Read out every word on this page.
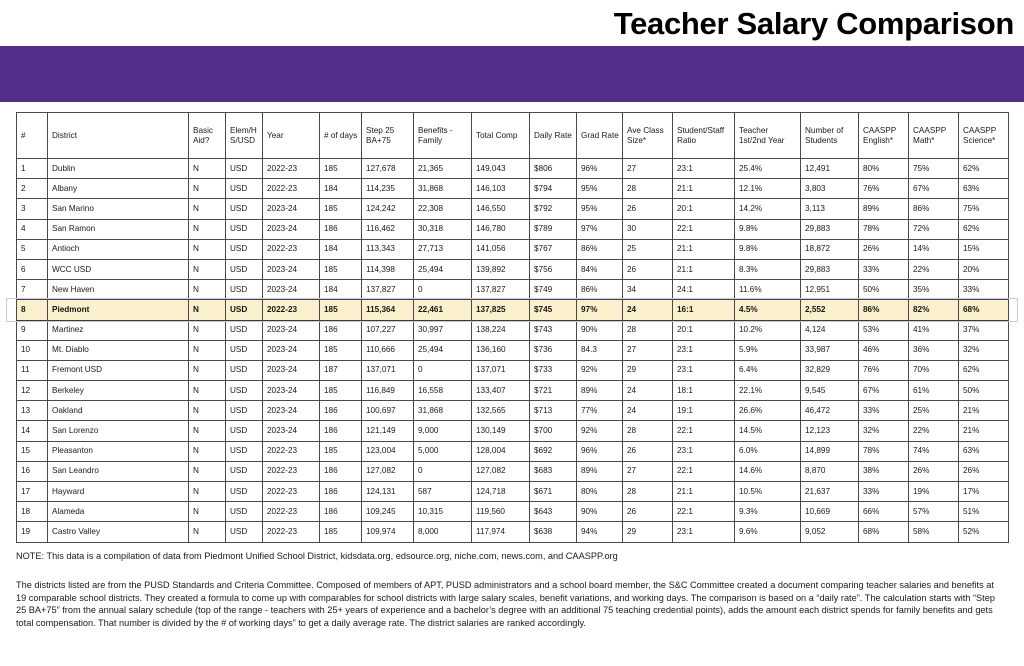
Teacher Salary Comparison
#	District	Basic Aid?	Elem/HS/USD	Year	# of days	Step 25 BA+75	Benefits - Family	Total Comp	Daily Rate	Grad Rate	Ave Class Size*	Student/Staff Ratio	Teacher 1st/2nd Year	Number of Students	CAASPP English*	CAASPP Math*	CAASPP Science*
1	Dublin	N	USD	2022-23	185	127,678	21,365	149,043	$806	96%	27	23:1	25.4%	12,491	80%	75%	62%
2	Albany	N	USD	2022-23	184	114,235	31,868	146,103	$794	95%	28	21:1	12.1%	3,803	76%	67%	63%
3	San Marino	N	USD	2023-24	185	124,242	22,308	146,550	$792	95%	26	20:1	14.2%	3,113	89%	86%	75%
4	San Ramon	N	USD	2023-24	186	116,462	30,318	146,780	$789	97%	30	22:1	9.8%	29,883	78%	72%	62%
5	Antioch	N	USD	2022-23	184	113,343	27,713	141,056	$767	86%	25	21:1	9.8%	18,872	26%	14%	15%
6	WCC USD	N	USD	2023-24	185	114,398	25,494	139,892	$756	84%	26	21:1	8.3%	29,883	33%	22%	20%
7	New Haven	N	USD	2023-24	184	137,827	0	137,827	$749	86%	34	24:1	11.6%	12,951	50%	35%	33%
8	Piedmont	N	USD	2022-23	185	115,364	22,461	137,825	$745	97%	24	16:1	4.5%	2,552	86%	82%	68%
9	Martinez	N	USD	2023-24	186	107,227	30,997	138,224	$743	90%	28	20:1	10.2%	4,124	53%	41%	37%
10	Mt. Diablo	N	USD	2023-24	185	110,666	25,494	136,160	$736	84.3	27	23:1	5.9%	33,987	46%	36%	32%
11	Fremont USD	N	USD	2023-24	187	137,071	0	137,071	$733	92%	29	23:1	6.4%	32,829	76%	70%	62%
12	Berkeley	N	USD	2023-24	185	116,849	16,558	133,407	$721	89%	24	18:1	22.1%	9,545	67%	61%	50%
13	Oakland	N	USD	2023-24	186	100,697	31,868	132,565	$713	77%	24	19:1	26.6%	46,472	33%	25%	21%
14	San Lorenzo	N	USD	2023-24	186	121,149	9,000	130,149	$700	92%	28	22:1	14.5%	12,123	32%	22%	21%
15	Pleasanton	N	USD	2022-23	185	123,004	5,000	128,004	$692	96%	26	23:1	6.0%	14,899	78%	74%	63%
16	San Leandro	N	USD	2022-23	186	127,082	0	127,082	$683	89%	27	22:1	14.6%	8,870	38%	26%	26%
17	Hayward	N	USD	2022-23	186	124,131	587	124,718	$671	80%	28	21:1	10.5%	21,637	33%	19%	17%
18	Alameda	N	USD	2022-23	186	109,245	10,315	119,560	$643	90%	26	22:1	9.3%	10,669	66%	57%	51%
19	Castro Valley	N	USD	2022-23	185	109,974	8,000	117,974	$638	94%	29	23:1	9.6%	9,052	68%	58%	52%

NOTE: This data is a compilation of data from Piedmont Unified School District, kidsdata.org, edsource.org, niche.com, news.com, and CAASPP.org

The districts listed are from the PUSD Standards and Criteria Committee. Composed of members of APT, PUSD administrators and a school board member, the S&C Committee created a document comparing teacher salaries and benefits at 19 comparable school districts. They created a formula to come up with comparables for school districts with large salary scales, benefit variations, and working days. The comparison is based on a “daily rate”. The calculation starts with “Step 25 BA+75” from the annual salary schedule (top of the range - teachers with 25+ years of experience and a bachelor’s degree with an additional 75 teaching credential points), adds the amount each district spends for family benefits and gets total compensation. That number is divided by the # of working days” to get a daily average rate. The district salaries are ranked accordingly.
